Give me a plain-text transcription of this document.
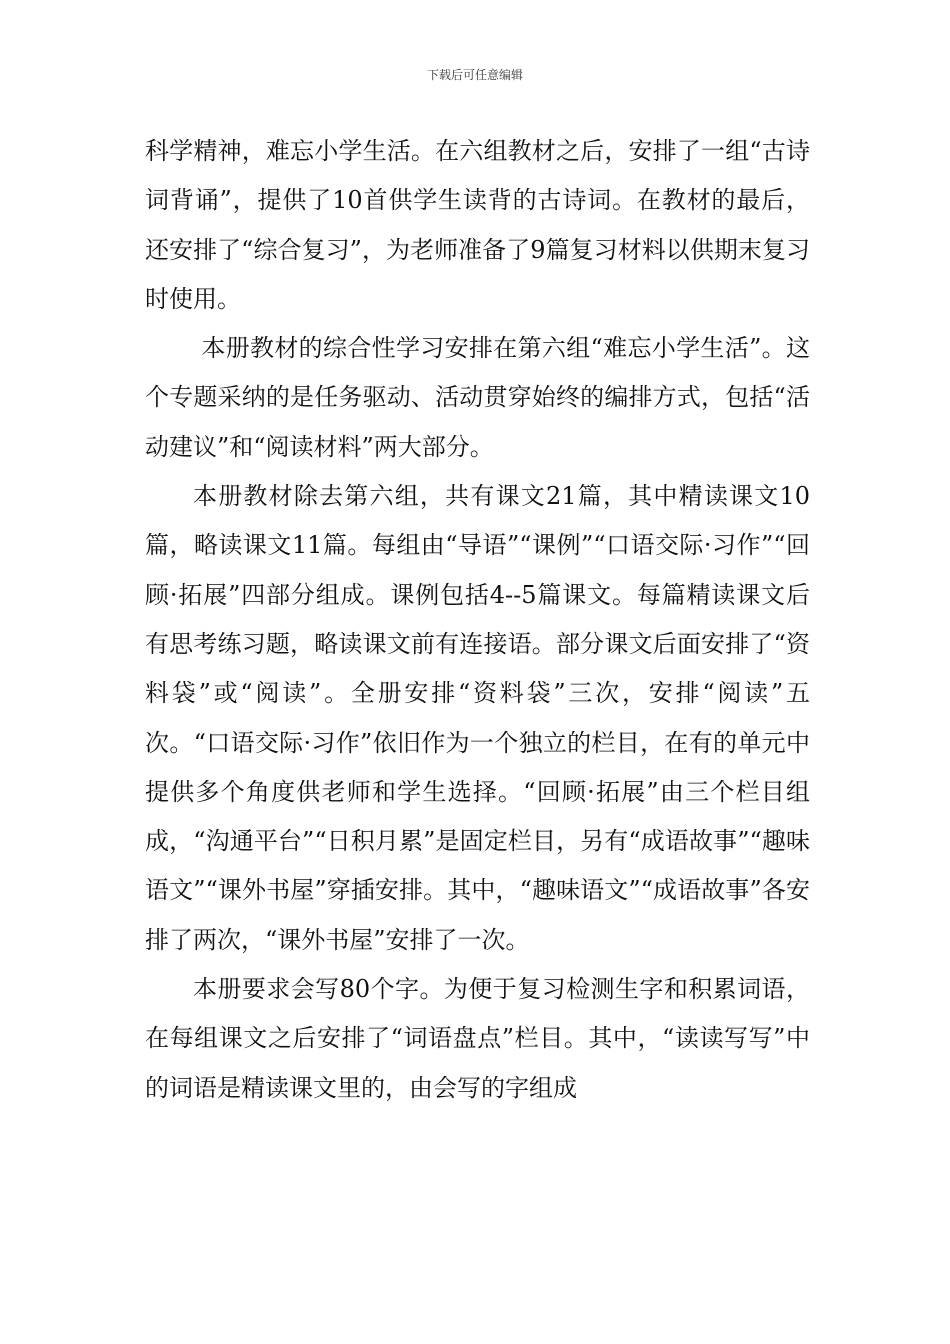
下载后可任意编辑

科学精神，难忘小学生活。在六组教材之后，安排了一组“古诗词背诵”，提供了10首供学生读背的古诗词。在教材的最后，还安排了“综合复习”，为老师准备了9篇复习材料以供期末复习时使用。

本册教材的综合性学习安排在第六组“难忘小学生活”。这个专题采纳的是任务驱动、活动贯穿始终的编排方式，包括“活动建议”和“阅读材料”两大部分。

本册教材除去第六组，共有课文21篇，其中精读课文10篇，略读课文11篇。每组由“导语”“课例”“口语交际·习作”“回顾·拓展”四部分组成。课例包括4--5篇课文。每篇精读课文后有思考练习题，略读课文前有连接语。部分课文后面安排了“资料袋”或“阅读”。全册安排“资料袋”三次，安排“阅读”五次。“口语交际·习作”依旧作为一个独立的栏目，在有的单元中提供多个角度供老师和学生选择。“回顾·拓展”由三个栏目组成，“沟通平台”“日积月累”是固定栏目，另有“成语故事”“趣味语文”“课外书屋”穿插安排。其中，“趣味语文”“成语故事”各安排了两次，“课外书屋”安排了一次。

本册要求会写80个字。为便于复习检测生字和积累词语，在每组课文之后安排了“词语盘点”栏目。其中，“读读写写”中的词语是精读课文里的，由会写的字组成
